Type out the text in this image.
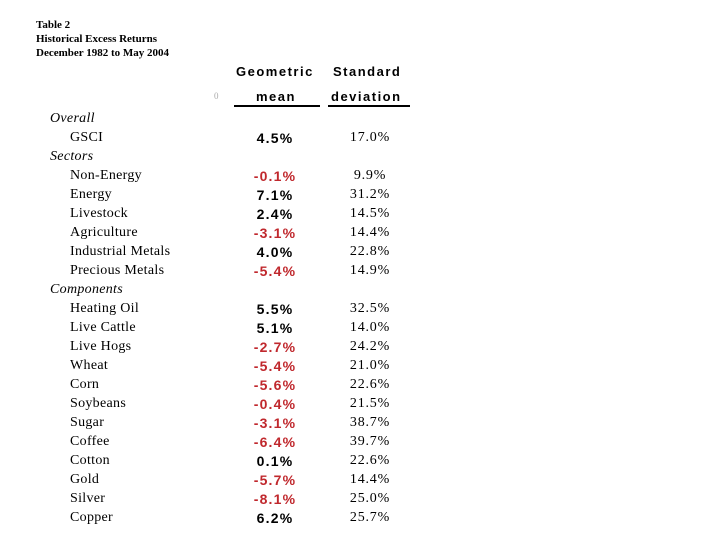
Table 2
Historical Excess Returns
December 1982 to May 2004
Geometric
mean
Standard
deviation
0
Overall
GSCI	4.5%	17.0%
Sectors
Non-Energy	-0.1%	9.9%
Energy	7.1%	31.2%
Livestock	2.4%	14.5%
Agriculture	-3.1%	14.4%
Industrial Metals	4.0%	22.8%
Precious Metals	-5.4%	14.9%
Components
Heating Oil	5.5%	32.5%
Live Cattle	5.1%	14.0%
Live Hogs	-2.7%	24.2%
Wheat	-5.4%	21.0%
Corn	-5.6%	22.6%
Soybeans	-0.4%	21.5%
Sugar	-3.1%	38.7%
Coffee	-6.4%	39.7%
Cotton	0.1%	22.6%
Gold	-5.7%	14.4%
Silver	-8.1%	25.0%
Copper	6.2%	25.7%
